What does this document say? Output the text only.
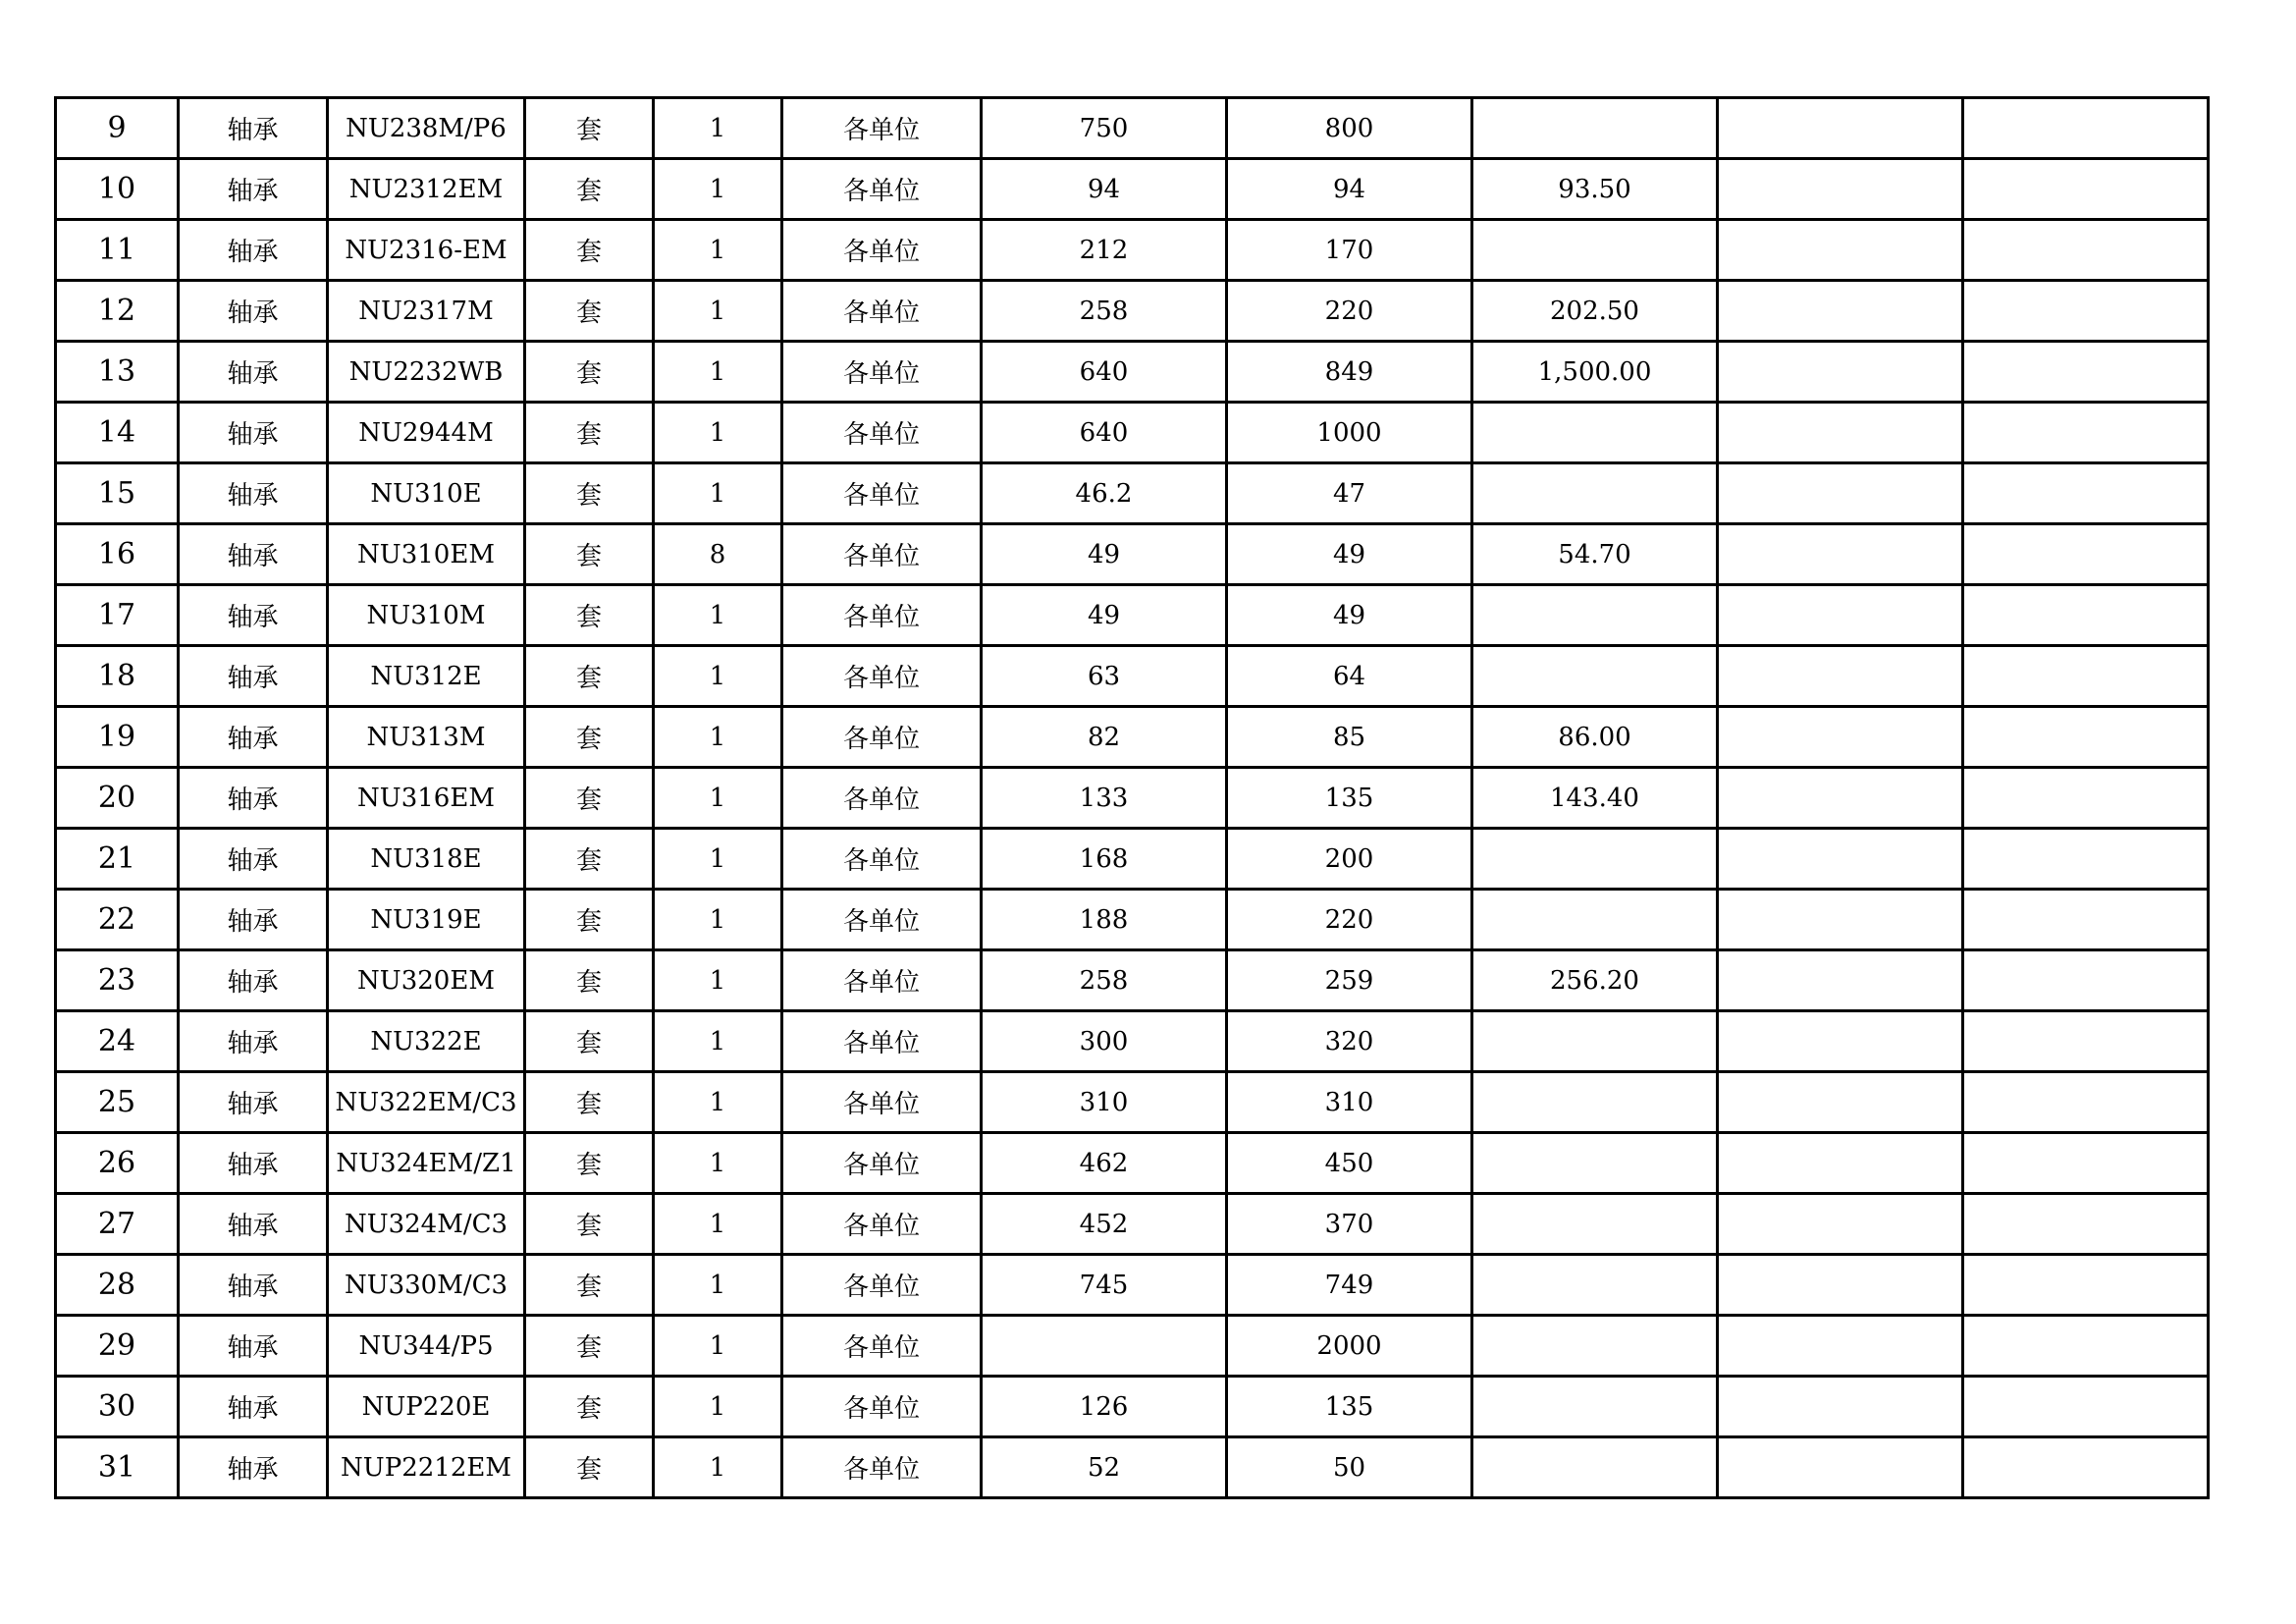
9	轴承	NU238M/P6	套	1	各单位	750	800			
10	轴承	NU2312EM	套	1	各单位	94	94	93.50		
11	轴承	NU2316-EM	套	1	各单位	212	170			
12	轴承	NU2317M	套	1	各单位	258	220	202.50		
13	轴承	NU2232WB	套	1	各单位	640	849	1,500.00		
14	轴承	NU2944M	套	1	各单位	640	1000			
15	轴承	NU310E	套	1	各单位	46.2	47			
16	轴承	NU310EM	套	8	各单位	49	49	54.70		
17	轴承	NU310M	套	1	各单位	49	49			
18	轴承	NU312E	套	1	各单位	63	64			
19	轴承	NU313M	套	1	各单位	82	85	86.00		
20	轴承	NU316EM	套	1	各单位	133	135	143.40		
21	轴承	NU318E	套	1	各单位	168	200			
22	轴承	NU319E	套	1	各单位	188	220			
23	轴承	NU320EM	套	1	各单位	258	259	256.20		
24	轴承	NU322E	套	1	各单位	300	320			
25	轴承	NU322EM/C3	套	1	各单位	310	310			
26	轴承	NU324EM/Z1	套	1	各单位	462	450			
27	轴承	NU324M/C3	套	1	各单位	452	370			
28	轴承	NU330M/C3	套	1	各单位	745	749			
29	轴承	NU344/P5	套	1	各单位		2000			
30	轴承	NUP220E	套	1	各单位	126	135			
31	轴承	NUP2212EM	套	1	各单位	52	50			
